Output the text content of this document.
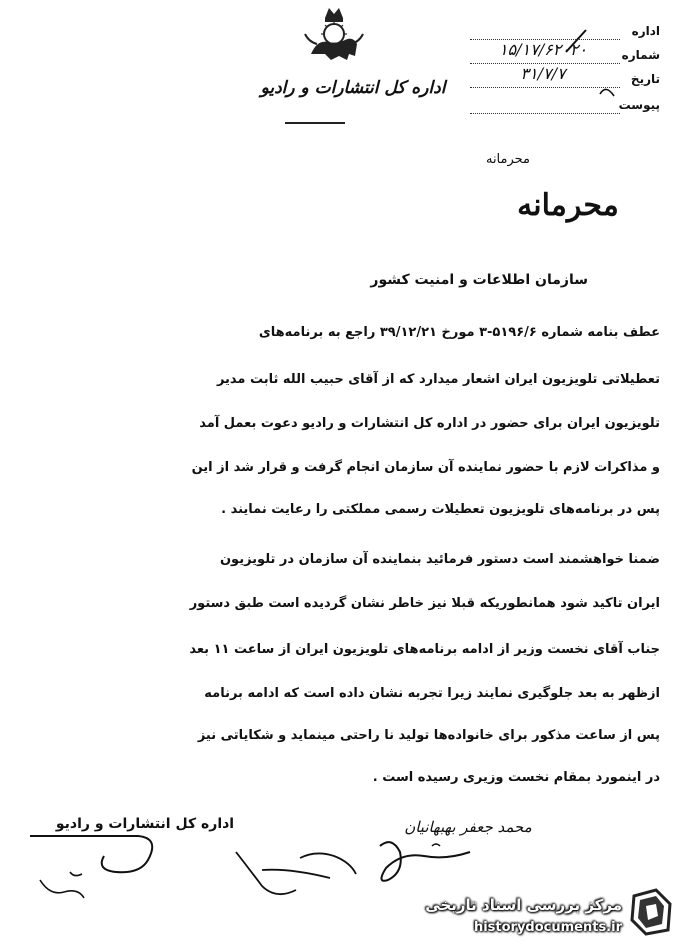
اداره کل انتشارات و رادیو
اداره
شماره
۱۵/۱۷/۶۲۰۲۰
تاریخ
۳۱/۷/۷
پیوست
محرمانه
محرمانه
سازمان اطلاعات و امنیت کشور
عطف بنامه شماره ۵۱۹۶/۶-۳ مورخ ۳۹/۱۲/۲۱ راجع به برنامه‌های
تعطیلاتی تلویزیون ایران اشعار میدارد که از آقای حبیب الله ثابت مدیر
تلویزیون ایران برای حضور در اداره کل انتشارات و رادیو دعوت بعمل آمد
و مذاکرات لازم با حضور نماینده آن سازمان انجام گرفت و قرار شد از این
پس در برنامه‌های تلویزیون تعطیلات رسمی مملکتی را رعایت نمایند .
ضمنا خواهشمند است دستور فرمائید بنماینده آن سازمان در تلویزیون
ایران تاکید شود همانطوریکه قبلا نیز خاطر نشان گردیده است طبق دستور
جناب آقای نخست وزیر از ادامه برنامه‌های تلویزیون ایران از ساعت ۱۱ بعد
ازظهر به بعد جلوگیری نمایند زیرا تجربه نشان داده است که ادامه برنامه
پس از ساعت مذکور برای خانواده‌ها تولید نا راحتی مینماید و شکایاتی نیز
در اینمورد بمقام نخست وزیری رسیده است .
اداره کل انتشارات و رادیو	محمد جعفر بهبهانیان
مرکز بررسی اسناد تاریخی
historydocuments.ir
